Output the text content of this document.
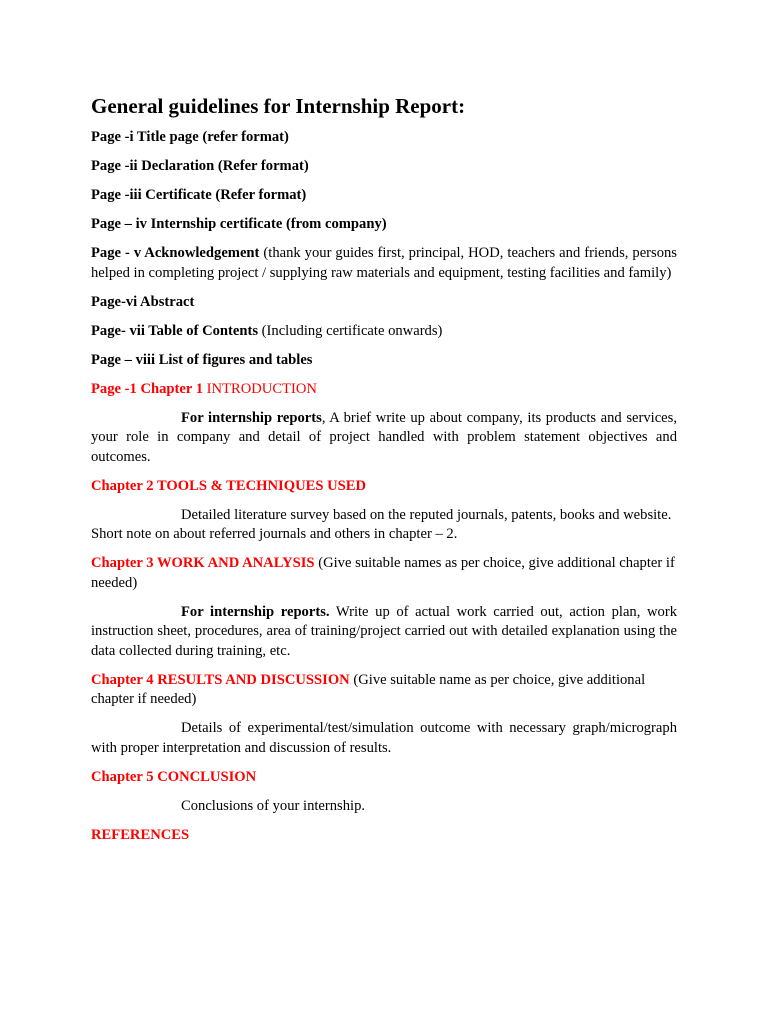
General guidelines for Internship Report:

Page -i Title page (refer format)

Page -ii Declaration (Refer format)

Page -iii Certificate (Refer format)

Page – iv Internship certificate (from company)

Page - v Acknowledgement (thank your guides first, principal, HOD, teachers and friends, persons helped in completing project / supplying raw materials and equipment, testing facilities and family)

Page-vi Abstract

Page- vii Table of Contents (Including certificate onwards)

Page – viii List of figures and tables

Page -1 Chapter 1 INTRODUCTION

For internship reports, A brief write up about company, its products and services, your role in company and detail of project handled with problem statement objectives and outcomes.

Chapter 2 TOOLS & TECHNIQUES USED

Detailed literature survey based on the reputed journals, patents, books and website. Short note on about referred journals and others in chapter – 2.

Chapter 3 WORK AND ANALYSIS (Give suitable names as per choice, give additional chapter if needed)

For internship reports. Write up of actual work carried out, action plan, work instruction sheet, procedures, area of training/project carried out with detailed explanation using the data collected during training, etc.

Chapter 4 RESULTS AND DISCUSSION (Give suitable name as per choice, give additional chapter if needed)

Details of experimental/test/simulation outcome with necessary graph/micrograph with proper interpretation and discussion of results.

Chapter 5 CONCLUSION

Conclusions of your internship.

REFERENCES
